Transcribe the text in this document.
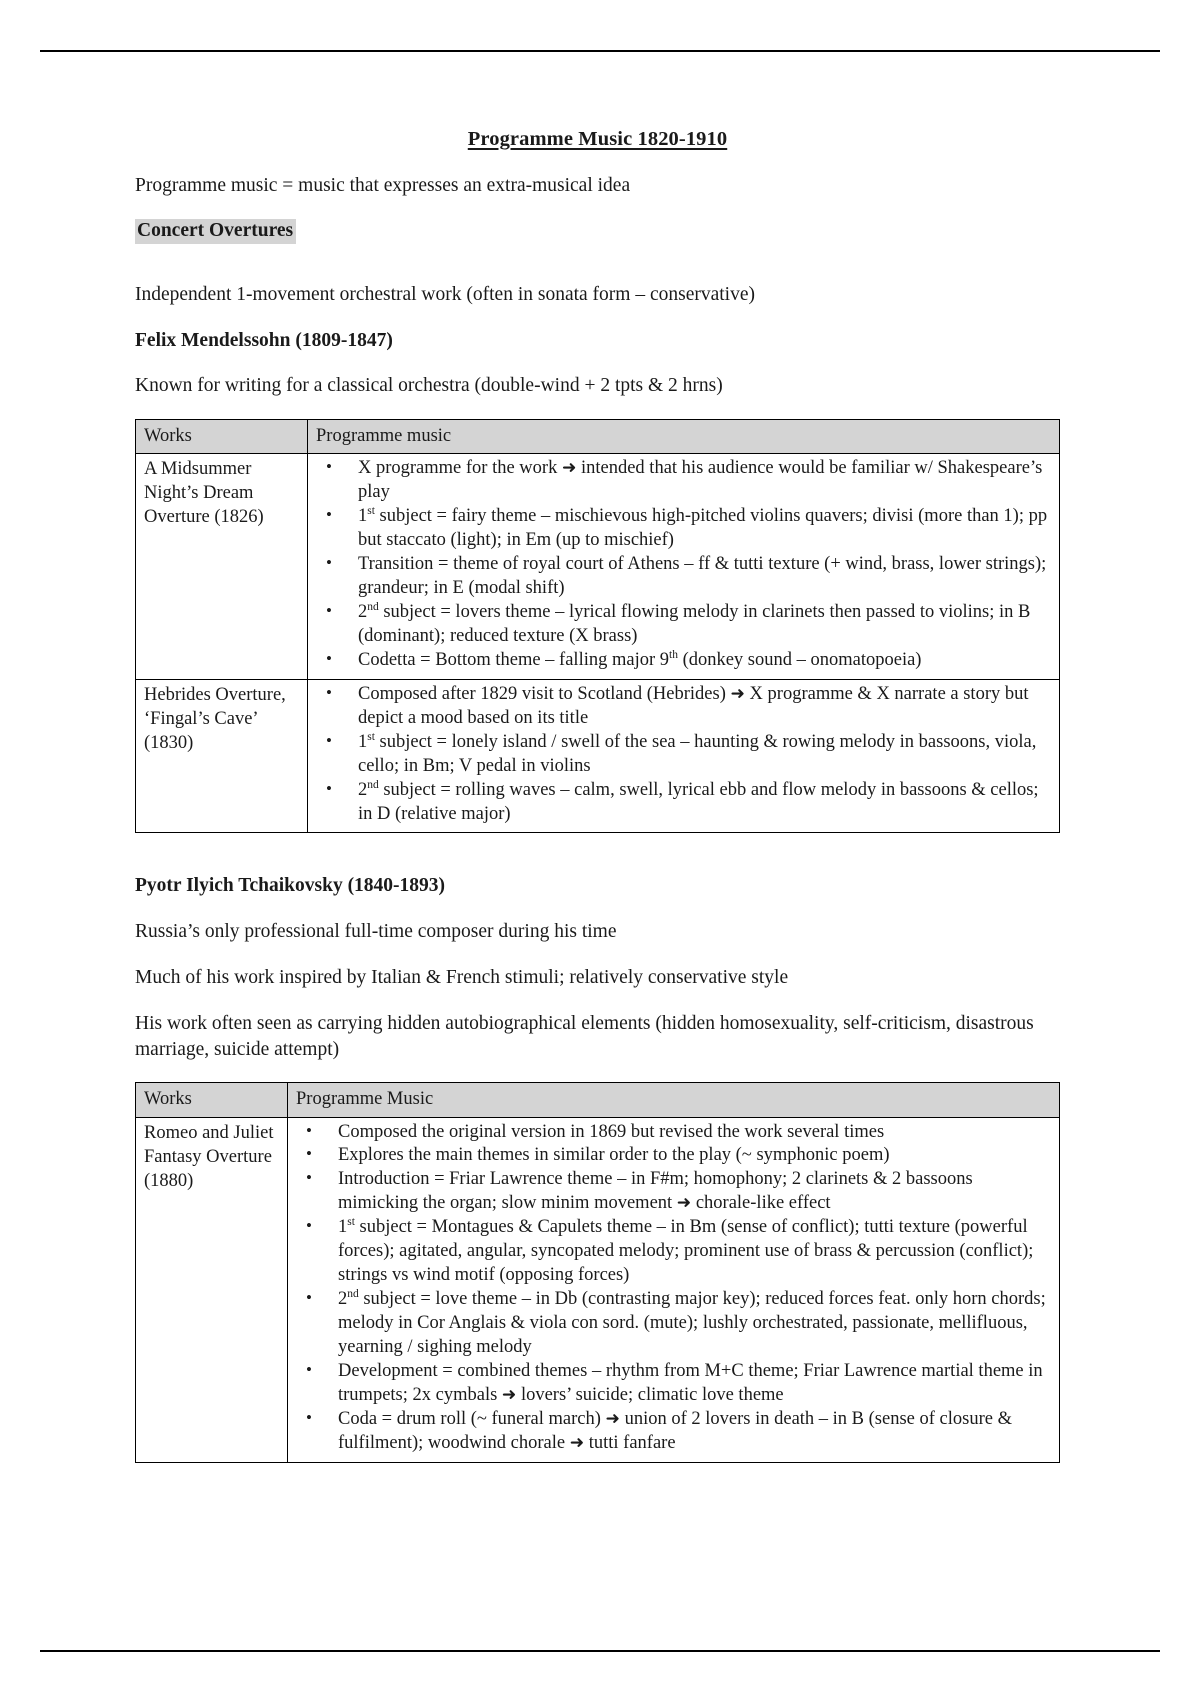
Programme Music 1820-1910

Programme music = music that expresses an extra-musical idea

Concert Overtures

Independent 1-movement orchestral work (often in sonata form – conservative)

Felix Mendelssohn (1809-1847)

Known for writing for a classical orchestra (double-wind + 2 tpts & 2 hrns)

Works	Programme music
A Midsummer Night’s Dream Overture (1826)	
• X programme for the work ➜ intended that his audience would be familiar w/ Shakespeare’s play
• 1st subject = fairy theme – mischievous high-pitched violins quavers; divisi (more than 1); pp but staccato (light); in Em (up to mischief)
• Transition = theme of royal court of Athens – ff & tutti texture (+ wind, brass, lower strings); grandeur; in E (modal shift)
• 2nd subject = lovers theme – lyrical flowing melody in clarinets then passed to violins; in B (dominant); reduced texture (X brass)
• Codetta = Bottom theme – falling major 9th (donkey sound – onomatopoeia)

Hebrides Overture, ‘Fingal’s Cave’ (1830)	
• Composed after 1829 visit to Scotland (Hebrides) ➜ X programme & X narrate a story but depict a mood based on its title
• 1st subject = lonely island / swell of the sea – haunting & rowing melody in bassoons, viola, cello; in Bm; V pedal in violins
• 2nd subject = rolling waves – calm, swell, lyrical ebb and flow melody in bassoons & cellos; in D (relative major)
Pyotr Ilyich Tchaikovsky (1840-1893)

Russia’s only professional full-time composer during his time

Much of his work inspired by Italian & French stimuli; relatively conservative style

His work often seen as carrying hidden autobiographical elements (hidden homosexuality, self-criticism, disastrous marriage, suicide attempt)

Works	Programme Music
Romeo and Juliet Fantasy Overture (1880)	
• Composed the original version in 1869 but revised the work several times
• Explores the main themes in similar order to the play (~ symphonic poem)
• Introduction = Friar Lawrence theme – in F#m; homophony; 2 clarinets & 2 bassoons mimicking the organ; slow minim movement ➜ chorale-like effect
• 1st subject = Montagues & Capulets theme – in Bm (sense of conflict); tutti texture (powerful forces); agitated, angular, syncopated melody; prominent use of brass & percussion (conflict); strings vs wind motif (opposing forces)
• 2nd subject = love theme – in Db (contrasting major key); reduced forces feat. only horn chords; melody in Cor Anglais & viola con sord. (mute); lushly orchestrated, passionate, mellifluous, yearning / sighing melody
• Development = combined themes – rhythm from M+C theme; Friar Lawrence martial theme in trumpets; 2x cymbals ➜ lovers’ suicide; climatic love theme
• Coda = drum roll (~ funeral march) ➜ union of 2 lovers in death – in B (sense of closure & fulfilment); woodwind chorale ➜ tutti fanfare
